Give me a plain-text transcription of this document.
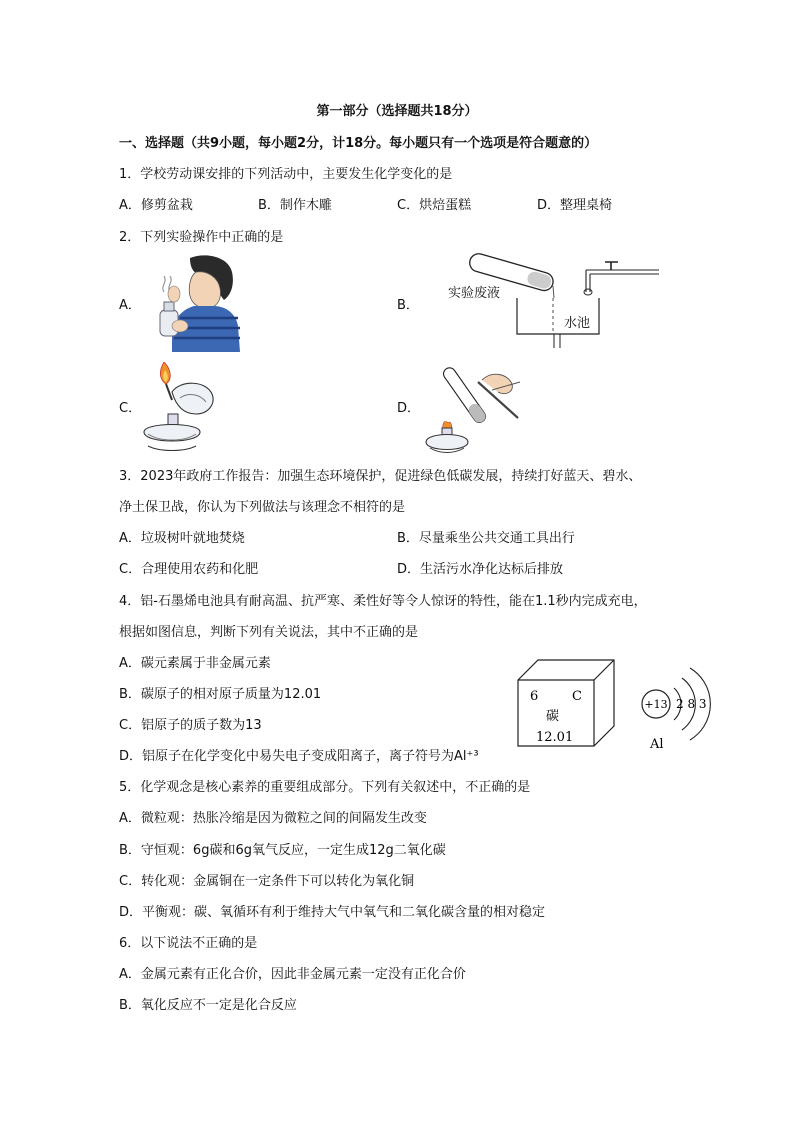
第一部分（选择题共18分）
一、选择题（共9小题，每小题2分，计18分。每小题只有一个选项是符合题意的）
1．学校劳动课安排的下列活动中，主要发生化学变化的是
A．修剪盆栽	B．制作木雕	C．烘焙蛋糕	D．整理桌椅
2．下列实验操作中正确的是
A．	B．
C．	D．
实验废液
水池
3．2023年政府工作报告：加强生态环境保护，促进绿色低碳发展，持续打好蓝天、碧水、
净土保卫战，你认为下列做法与该理念不相符的是
A．垃圾树叶就地焚烧	B．尽量乘坐公共交通工具出行
C．合理使用农药和化肥	D．生活污水净化达标后排放
4．铝-石墨烯电池具有耐高温、抗严寒、柔性好等令人惊讶的特性，能在1.1秒内完成充电，
根据如图信息，判断下列有关说法，其中不正确的是
A．碳元素属于非金属元素
B．碳原子的相对原子质量为12.01
C．铝原子的质子数为13
D．铝原子在化学变化中易失电子变成阳离子，离子符号为Al⁺³
6	C
碳
12.01
+13 2 8 3
Al
5．化学观念是核心素养的重要组成部分。下列有关叙述中，不正确的是
A．微粒观：热胀冷缩是因为微粒之间的间隔发生改变
B．守恒观：6g碳和6g氧气反应，一定生成12g二氧化碳
C．转化观：金属铜在一定条件下可以转化为氧化铜
D．平衡观：碳、氧循环有利于维持大气中氧气和二氧化碳含量的相对稳定
6．以下说法不正确的是
A．金属元素有正化合价，因此非金属元素一定没有正化合价
B．氧化反应不一定是化合反应
